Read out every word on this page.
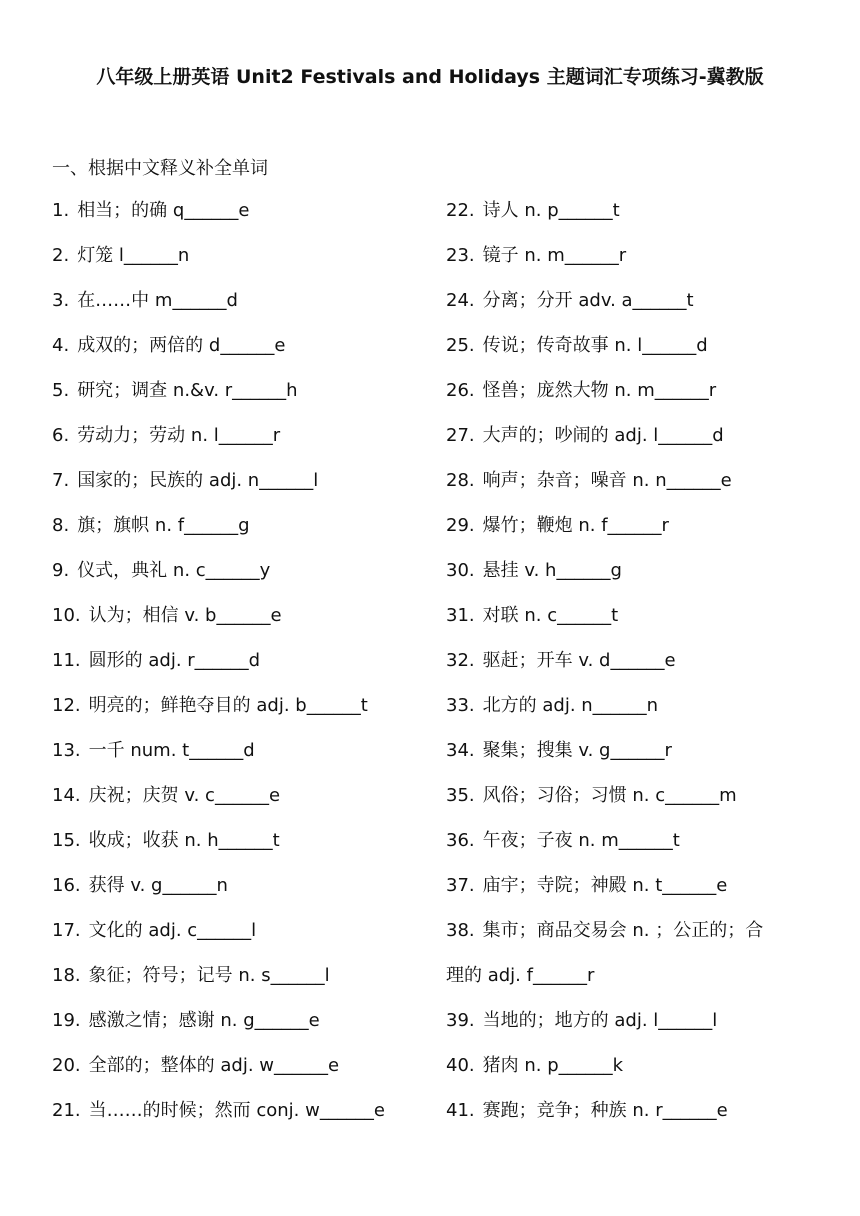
八年级上册英语 Unit2 Festivals and Holidays 主题词汇专项练习-冀教版
一、根据中文释义补全单词
1. 相当；的确 q______e
2. 灯笼 l______n
3. 在……中 m______d
4. 成双的；两倍的 d______e
5. 研究；调查 n.&v. r______h
6. 劳动力；劳动 n. l______r
7. 国家的；民族的 adj. n______l
8. 旗；旗帜 n. f______g
9. 仪式，典礼 n. c______y
10. 认为；相信 v. b______e
11. 圆形的 adj. r______d
12. 明亮的；鲜艳夺目的 adj. b______t
13. 一千 num. t______d
14. 庆祝；庆贺 v. c______e
15. 收成；收获 n. h______t
16. 获得 v. g______n
17. 文化的 adj. c______l
18. 象征；符号；记号 n. s______l
19. 感激之情；感谢 n. g______e
20. 全部的；整体的 adj. w______e
21. 当……的时候；然而 conj. w______e
22. 诗人 n. p______t
23. 镜子 n. m______r
24. 分离；分开 adv. a______t
25. 传说；传奇故事 n. l______d
26. 怪兽；庞然大物 n. m______r
27. 大声的；吵闹的 adj. l______d
28. 响声；杂音；噪音 n. n______e
29. 爆竹；鞭炮 n. f______r
30. 悬挂 v. h______g
31. 对联 n. c______t
32. 驱赶；开车 v. d______e
33. 北方的 adj. n______n
34. 聚集；搜集 v. g______r
35. 风俗；习俗；习惯 n. c______m
36. 午夜；子夜 n. m______t
37. 庙宇；寺院；神殿 n. t______e
38. 集市；商品交易会 n. ；公正的；合
理的 adj. f______r
39. 当地的；地方的 adj. l______l
40. 猪肉 n. p______k
41. 赛跑；竞争；种族 n. r______e
